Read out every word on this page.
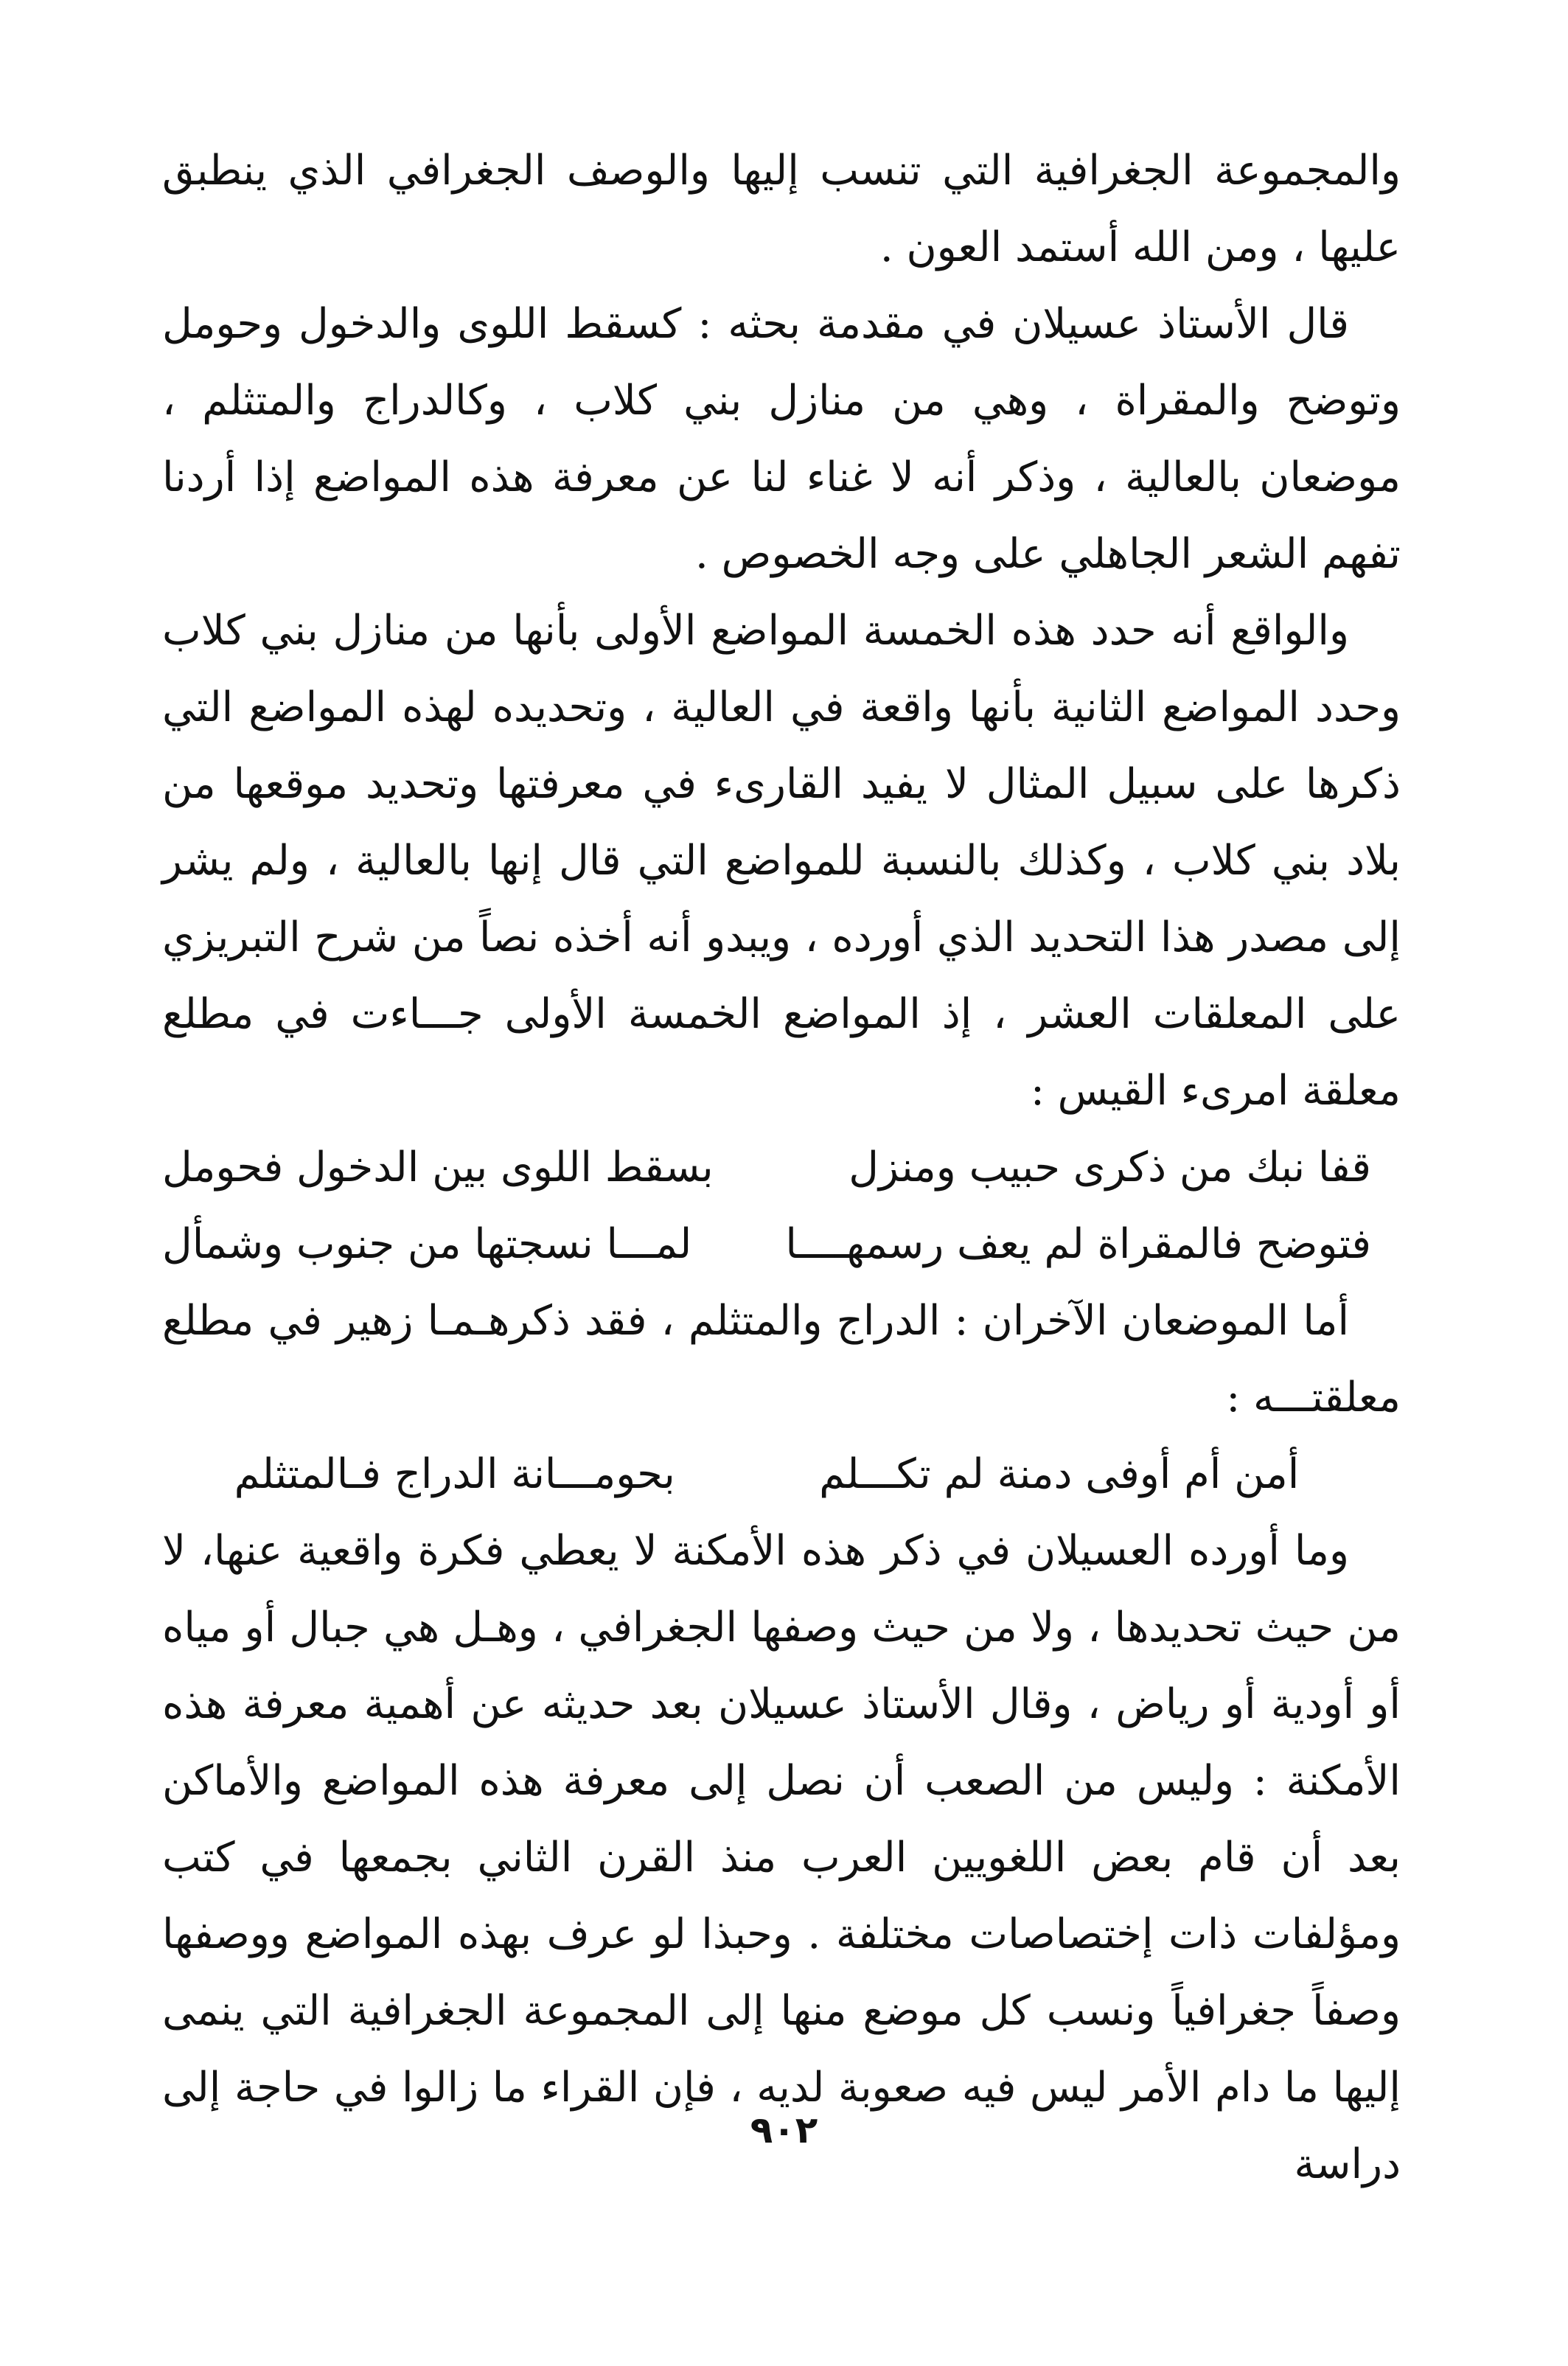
والمجموعة الجغرافية التي تنسب إليها والوصف الجغرافي الذي ينطبق عليها ، ومن الله أستمد العون .

قال الأستاذ عسيلان في مقدمة بحثه : كسقط اللوى والدخول وحومل وتوضح والمقراة ، وهي من منازل بني كلاب ، وكالدراج والمتثلم ، موضعان بالعالية ، وذكر أنه لا غناء لنا عن معرفة هذه المواضع إذا أردنا تفهم الشعر الجاهلي على وجه الخصوص .

والواقع أنه حدد هذه الخمسة المواضع الأولى بأنها من منازل بني كلاب وحدد المواضع الثانية بأنها واقعة في العالية ، وتحديده لهذه المواضع التي ذكرها على سبيل المثال لا يفيد القارىء في معرفتها وتحديد موقعها من بلاد بني كلاب ، وكذلك بالنسبة للمواضع التي قال إنها بالعالية ، ولم يشر إلى مصدر هذا التحديد الذي أورده ، ويبدو أنه أخذه نصاً من شرح التبريزي على المعلقات العشر ، إذ المواضع الخمسة الأولى جـــاءت في مطلع معلقة امرىء القيس :

قفا نبك من ذكرى حبيب ومنزل
بسقط اللوى بين الدخول فحومل
فتوضح فالمقراة لم يعف رسمهــــا
لمـــا نسجتها من جنوب وشمأل

أما الموضعان الآخران : الدراج والمتثلم ، فقد ذكرهـمـا زهير في مطلع معلقتـــه :

أمن أم أوفى دمنة لم تكـــلم
بحومـــانة الدراج فـالمتثلم

وما أورده العسيلان في ذكر هذه الأمكنة لا يعطي فكرة واقعية عنها، لا من حيث تحديدها ، ولا من حيث وصفها الجغرافي ، وهـل هي جبال أو مياه أو أودية أو رياض ، وقال الأستاذ عسيلان بعد حديثه عن أهمية معرفة هذه الأمكنة : وليس من الصعب أن نصل إلى معرفة هذه المواضع والأماكن بعد أن قام بعض اللغويين العرب منذ القرن الثاني بجمعها في كتب ومؤلفات ذات إختصاصات مختلفة . وحبذا لو عرف بهذه المواضع ووصفها وصفاً جغرافياً ونسب كل موضع منها إلى المجموعة الجغرافية التي ينمى إليها ما دام الأمر ليس فيه صعوبة لديه ، فإن القراء ما زالوا في حاجة إلى دراسة

٩٠٢
